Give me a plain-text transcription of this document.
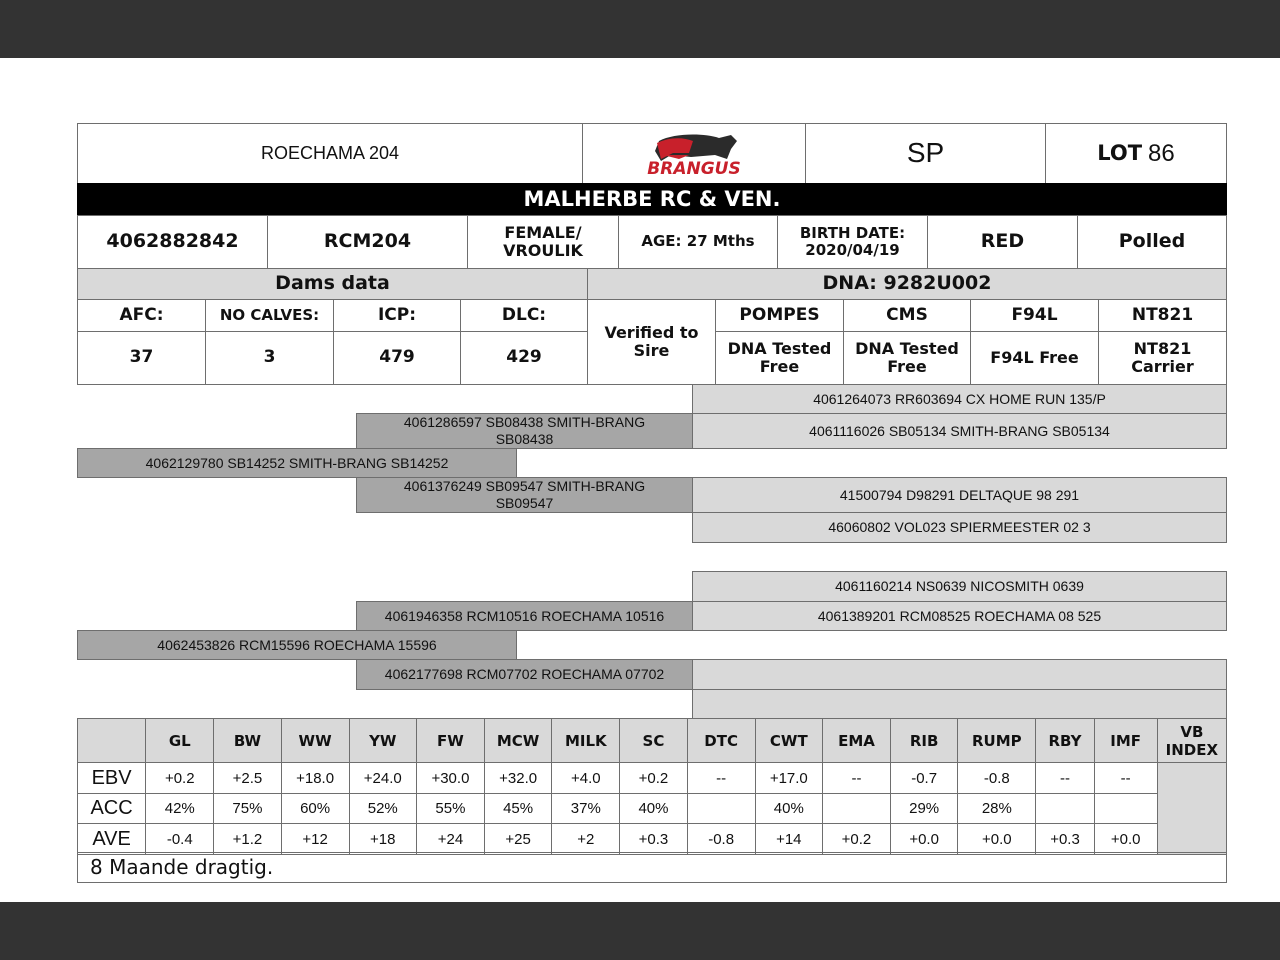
ROECHAMA 204
BRANGUS
SP	LOT 86
MALHERBE RC & VEN.
4062882842	RCM204	FEMALE/ VROULIK	AGE: 27 Mths	BIRTH DATE: 2020/04/19	RED	Polled
Dams data	DNA: 9282U002
AFC:	NO CALVES:	ICP:	DLC:
37	3	479	429
Verified to Sire
POMPES	CMS	F94L	NT821
DNA Tested Free
DNA Tested Free	F94L Free	NT821 Carrier
4061264073 RR603694 CX HOME RUN 135/P
4061286597 SB08438 SMITH-BRANG SB08438
4061116026 SB05134 SMITH-BRANG SB05134
4062129780 SB14252 SMITH-BRANG SB14252
4061376249 SB09547 SMITH-BRANG SB09547
41500794 D98291 DELTAQUE 98 291
46060802 VOL023 SPIERMEESTER 02 3
4061160214 NS0639 NICOSMITH 0639
4061946358 RCM10516 ROECHAMA 10516	4061389201 RCM08525 ROECHAMA 08 525
4062453826 RCM15596 ROECHAMA 15596
4062177698 RCM07702 ROECHAMA 07702
	GL	BW	WW	YW	FW	MCW	MILK	SC	DTC	CWT	EMA	RIB	RUMP	RBY	IMF	VB INDEX
EBV	+0.2	+2.5	+18.0	+24.0	+30.0	+32.0	+4.0	+0.2	--	+17.0	--	-0.7	-0.8	--	--	
ACC	42%	75%	60%	52%	55%	45%	37%	40%		40%		29%	28%			
AVE	-0.4	+1.2	+12	+18	+24	+25	+2	+0.3	-0.8	+14	+0.2	+0.0	+0.0	+0.3	+0.0	
8 Maande dragtig.
